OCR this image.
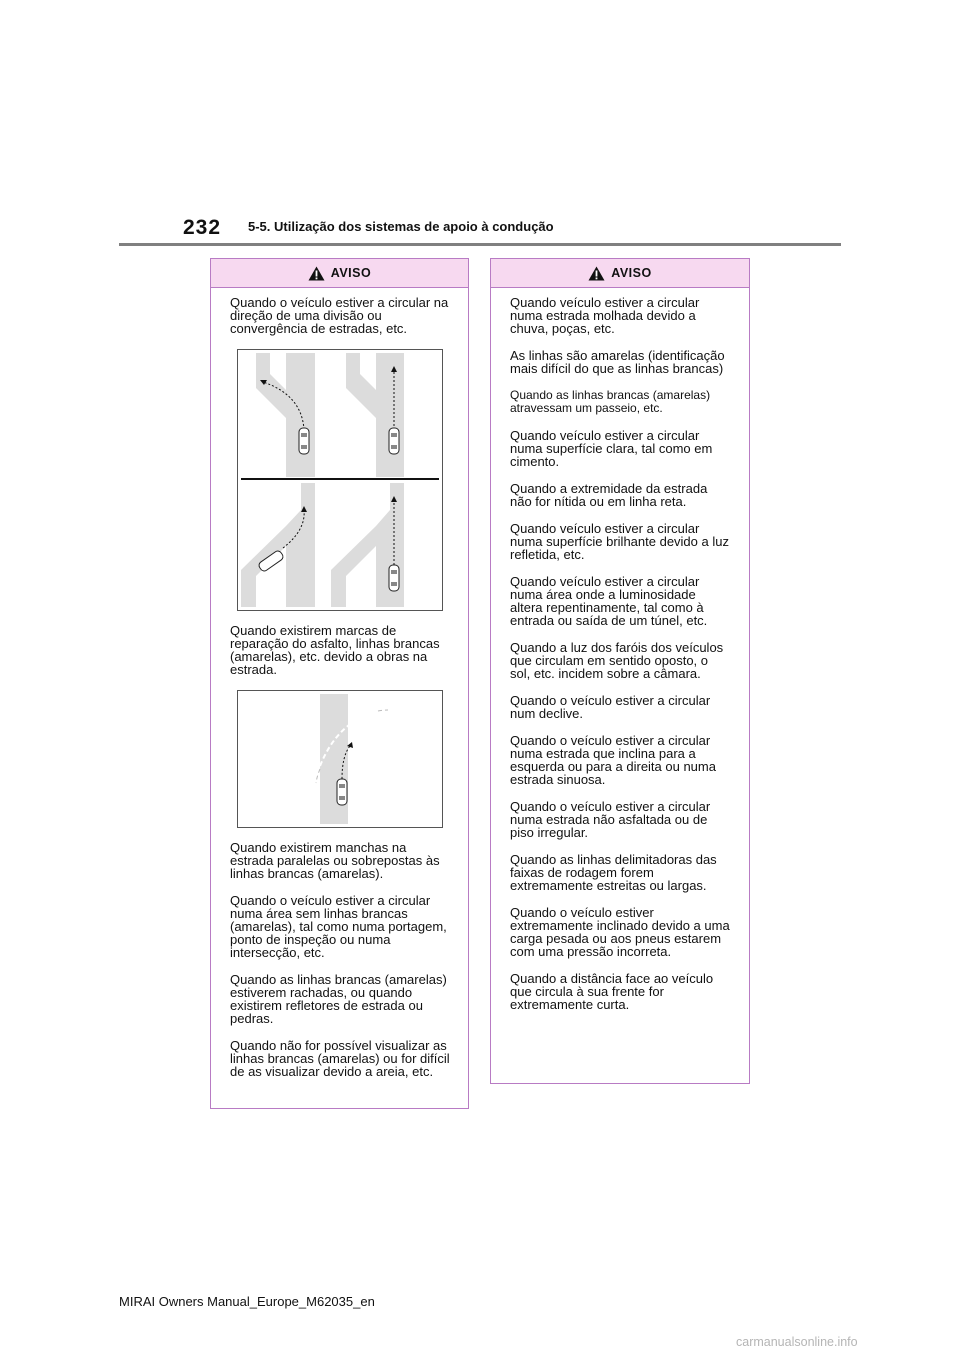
232 5-5. Utilização dos sistemas de apoio à condução
AVISO

Quando o veículo estiver a circular na direção de uma divisão ou convergência de estradas, etc.

Quando existirem marcas de reparação do asfalto, linhas brancas (amarelas), etc. devido a obras na estrada.

Quando existirem manchas na estrada paralelas ou sobrepostas às linhas brancas (amarelas).

Quando o veículo estiver a circular numa área sem linhas brancas (amarelas), tal como numa portagem, ponto de inspeção ou numa intersecção, etc.

Quando as linhas brancas (amarelas) estiverem rachadas, ou quando existirem refletores de estrada ou pedras.

Quando não for possível visualizar as linhas brancas (amarelas) ou for difícil de as visualizar devido a areia, etc.

AVISO

Quando veículo estiver a circular numa estrada molhada devido a chuva, poças, etc.

As linhas são amarelas (identificação mais difícil do que as linhas brancas)

Quando as linhas brancas (amarelas) atravessam um passeio, etc.

Quando veículo estiver a circular numa superfície clara, tal como em cimento.

Quando a extremidade da estrada não for nítida ou em linha reta.

Quando veículo estiver a circular numa superfície brilhante devido a luz refletida, etc.

Quando veículo estiver a circular numa área onde a luminosidade altera repentinamente, tal como à entrada ou saída de um túnel, etc.

Quando a luz dos faróis dos veículos que circulam em sentido oposto, o sol, etc. incidem sobre a câmara.

Quando o veículo estiver a circular num declive.

Quando o veículo estiver a circular numa estrada que inclina para a esquerda ou para a direita ou numa estrada sinuosa.

Quando o veículo estiver a circular numa estrada não asfaltada ou de piso irregular.

Quando as linhas delimitadoras das faixas de rodagem forem extremamente estreitas ou largas.

Quando o veículo estiver extremamente inclinado devido a uma carga pesada ou aos pneus estarem com uma pressão incorreta.

Quando a distância face ao veículo que circula à sua frente for extremamente curta.

MIRAI Owners Manual_Europe_M62035_en
carmanualsonline.info
